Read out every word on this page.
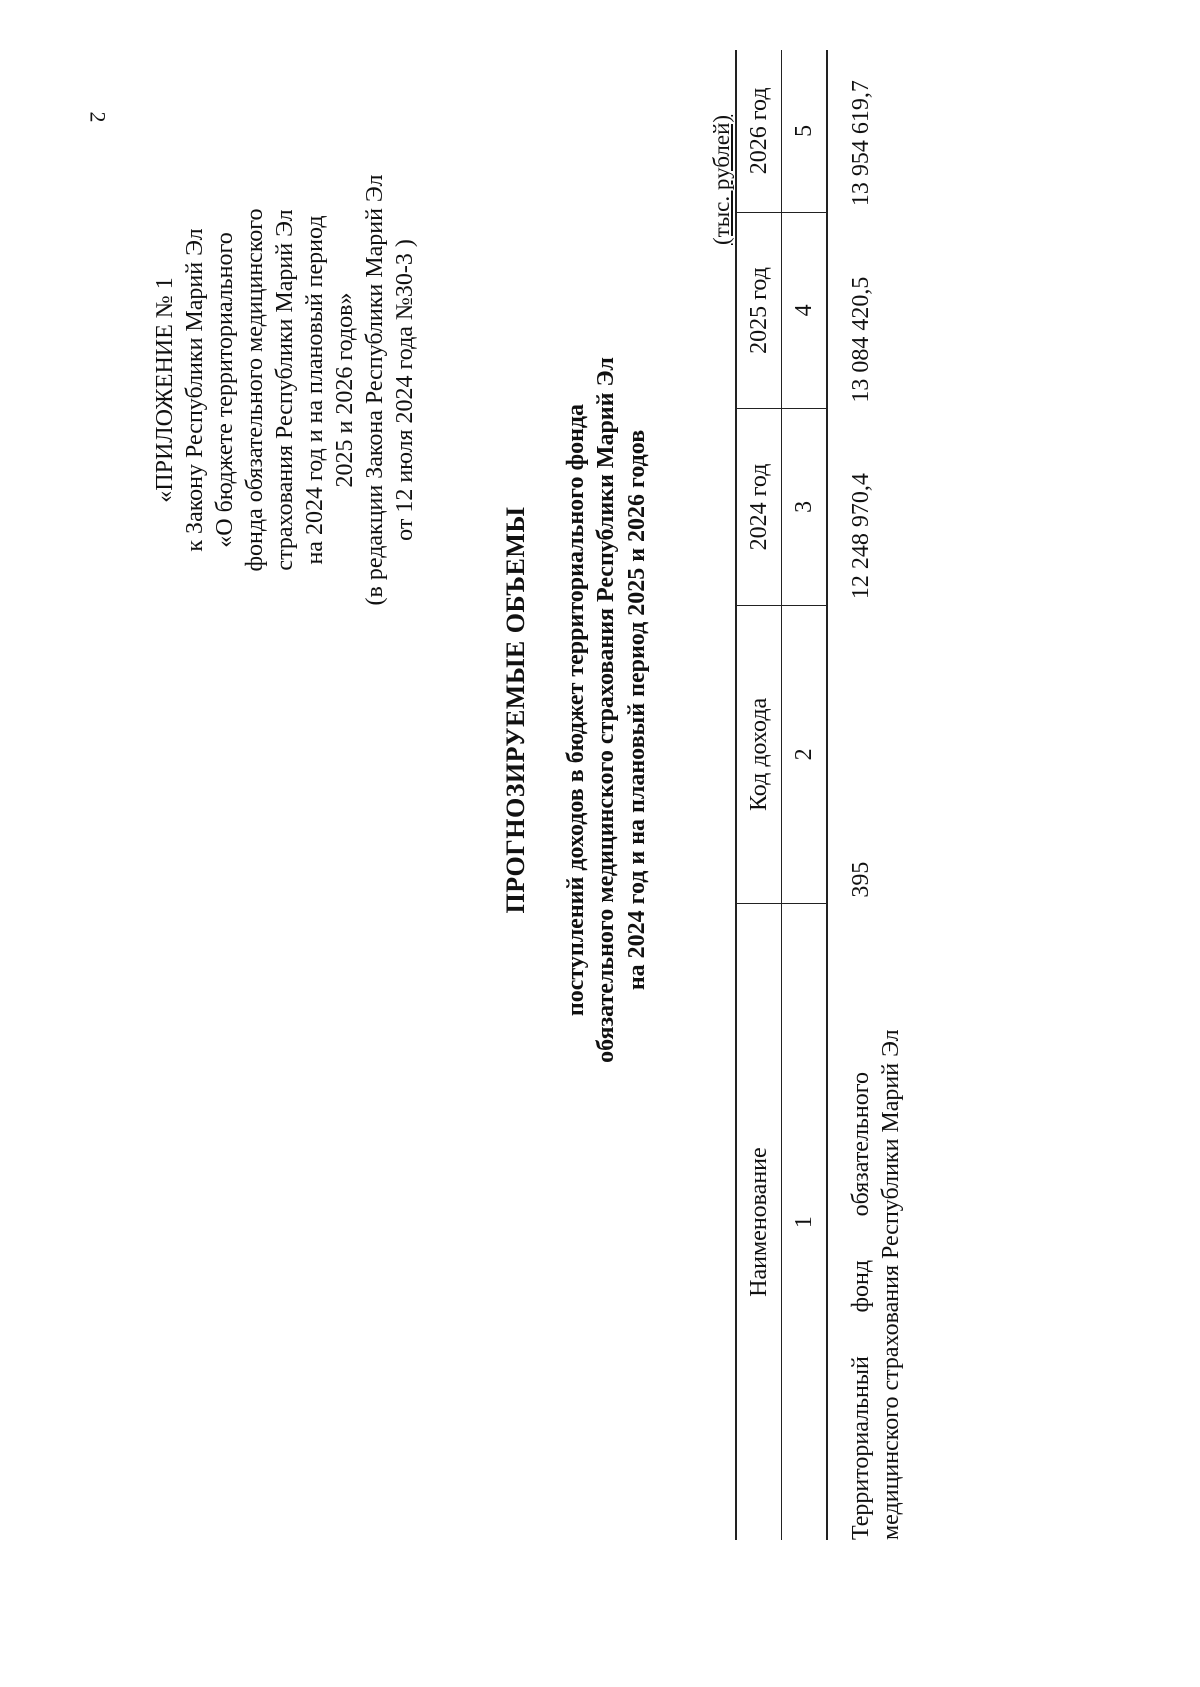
2
«ПРИЛОЖЕНИЕ № 1 к Закону Республики Марий Эл «О бюджете территориального фонда обязательного медицинского страхования Республики Марий Эл на 2024 год и на плановый период 2025 и 2026 годов» (в редакции Закона Республики Марий Эл от 12 июля 2024 года №30-3 )
ПРОГНОЗИРУЕМЫЕ ОБЪЕМЫ поступлений доходов в бюджет территориального фонда обязательного медицинского страхования Республики Марий Эл на 2024 год и на плановый период 2025 и 2026 годов
(тыс. рублей)
Наименование	Код дохода	2024 год	2025 год	2026 год
1	2	3	4	5

Территориальный
фонд
обязательного медицинского страхования Республики Марий Эл	395	12 248 970,4	13 084 420,5	13 954 619,7
